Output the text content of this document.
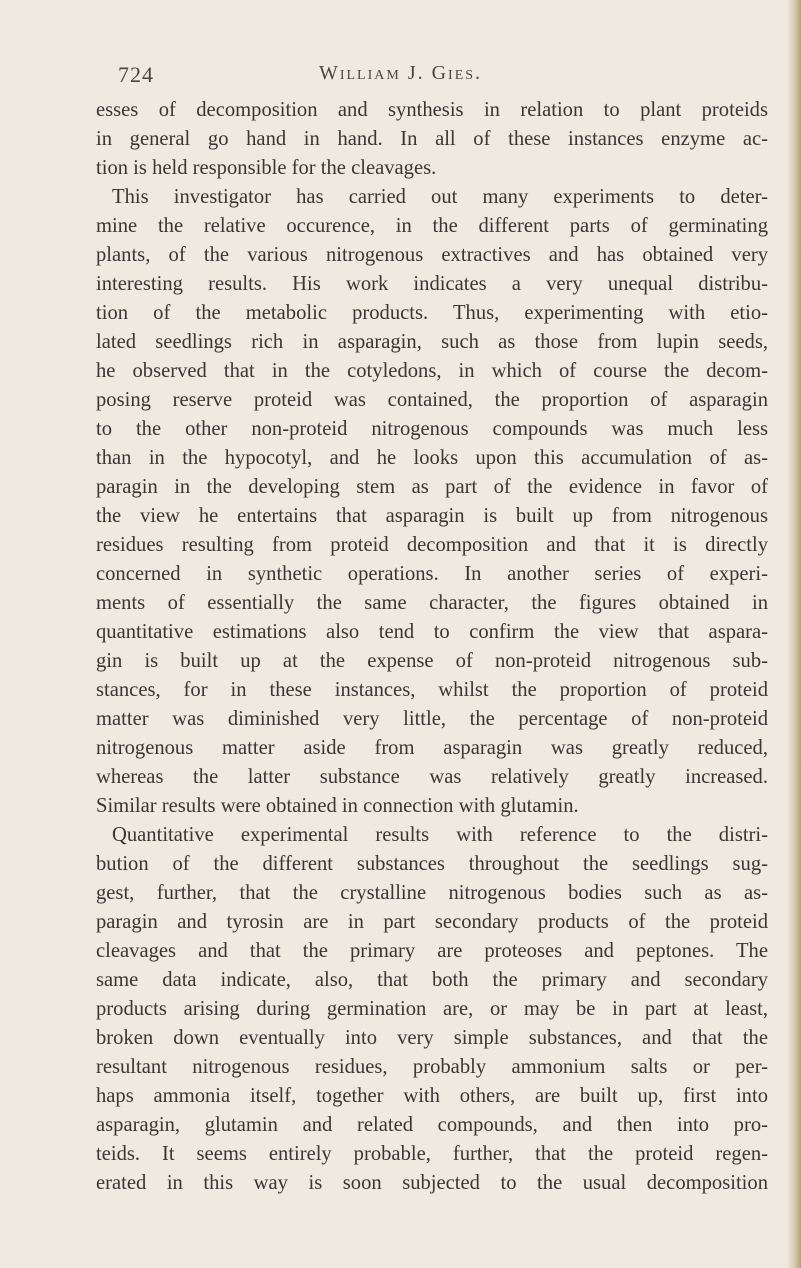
724	William J. Gies.
esses of decomposition and synthesis in relation to plant proteids
in general go hand in hand. In all of these instances enzyme ac-
tion is held responsible for the cleavages.
This investigator has carried out many experiments to deter-
mine the relative occurence, in the different parts of germinating
plants, of the various nitrogenous extractives and has obtained very
interesting results. His work indicates a very unequal distribu-
tion of the metabolic products. Thus, experimenting with etio-
lated seedlings rich in asparagin, such as those from lupin seeds,
he observed that in the cotyledons, in which of course the decom-
posing reserve proteid was contained, the proportion of asparagin
to the other non-proteid nitrogenous compounds was much less
than in the hypocotyl, and he looks upon this accumulation of as-
paragin in the developing stem as part of the evidence in favor of
the view he entertains that asparagin is built up from nitrogenous
residues resulting from proteid decomposition and that it is directly
concerned in synthetic operations. In another series of experi-
ments of essentially the same character, the figures obtained in
quantitative estimations also tend to confirm the view that aspara-
gin is built up at the expense of non-proteid nitrogenous sub-
stances, for in these instances, whilst the proportion of proteid
matter was diminished very little, the percentage of non-proteid
nitrogenous matter aside from asparagin was greatly reduced,
whereas the latter substance was relatively greatly increased.
Similar results were obtained in connection with glutamin.
Quantitative experimental results with reference to the distri-
bution of the different substances throughout the seedlings sug-
gest, further, that the crystalline nitrogenous bodies such as as-
paragin and tyrosin are in part secondary products of the proteid
cleavages and that the primary are proteoses and peptones. The
same data indicate, also, that both the primary and secondary
products arising during germination are, or may be in part at least,
broken down eventually into very simple substances, and that the
resultant nitrogenous residues, probably ammonium salts or per-
haps ammonia itself, together with others, are built up, first into
asparagin, glutamin and related compounds, and then into pro-
teids. It seems entirely probable, further, that the proteid regen-
erated in this way is soon subjected to the usual decomposition
